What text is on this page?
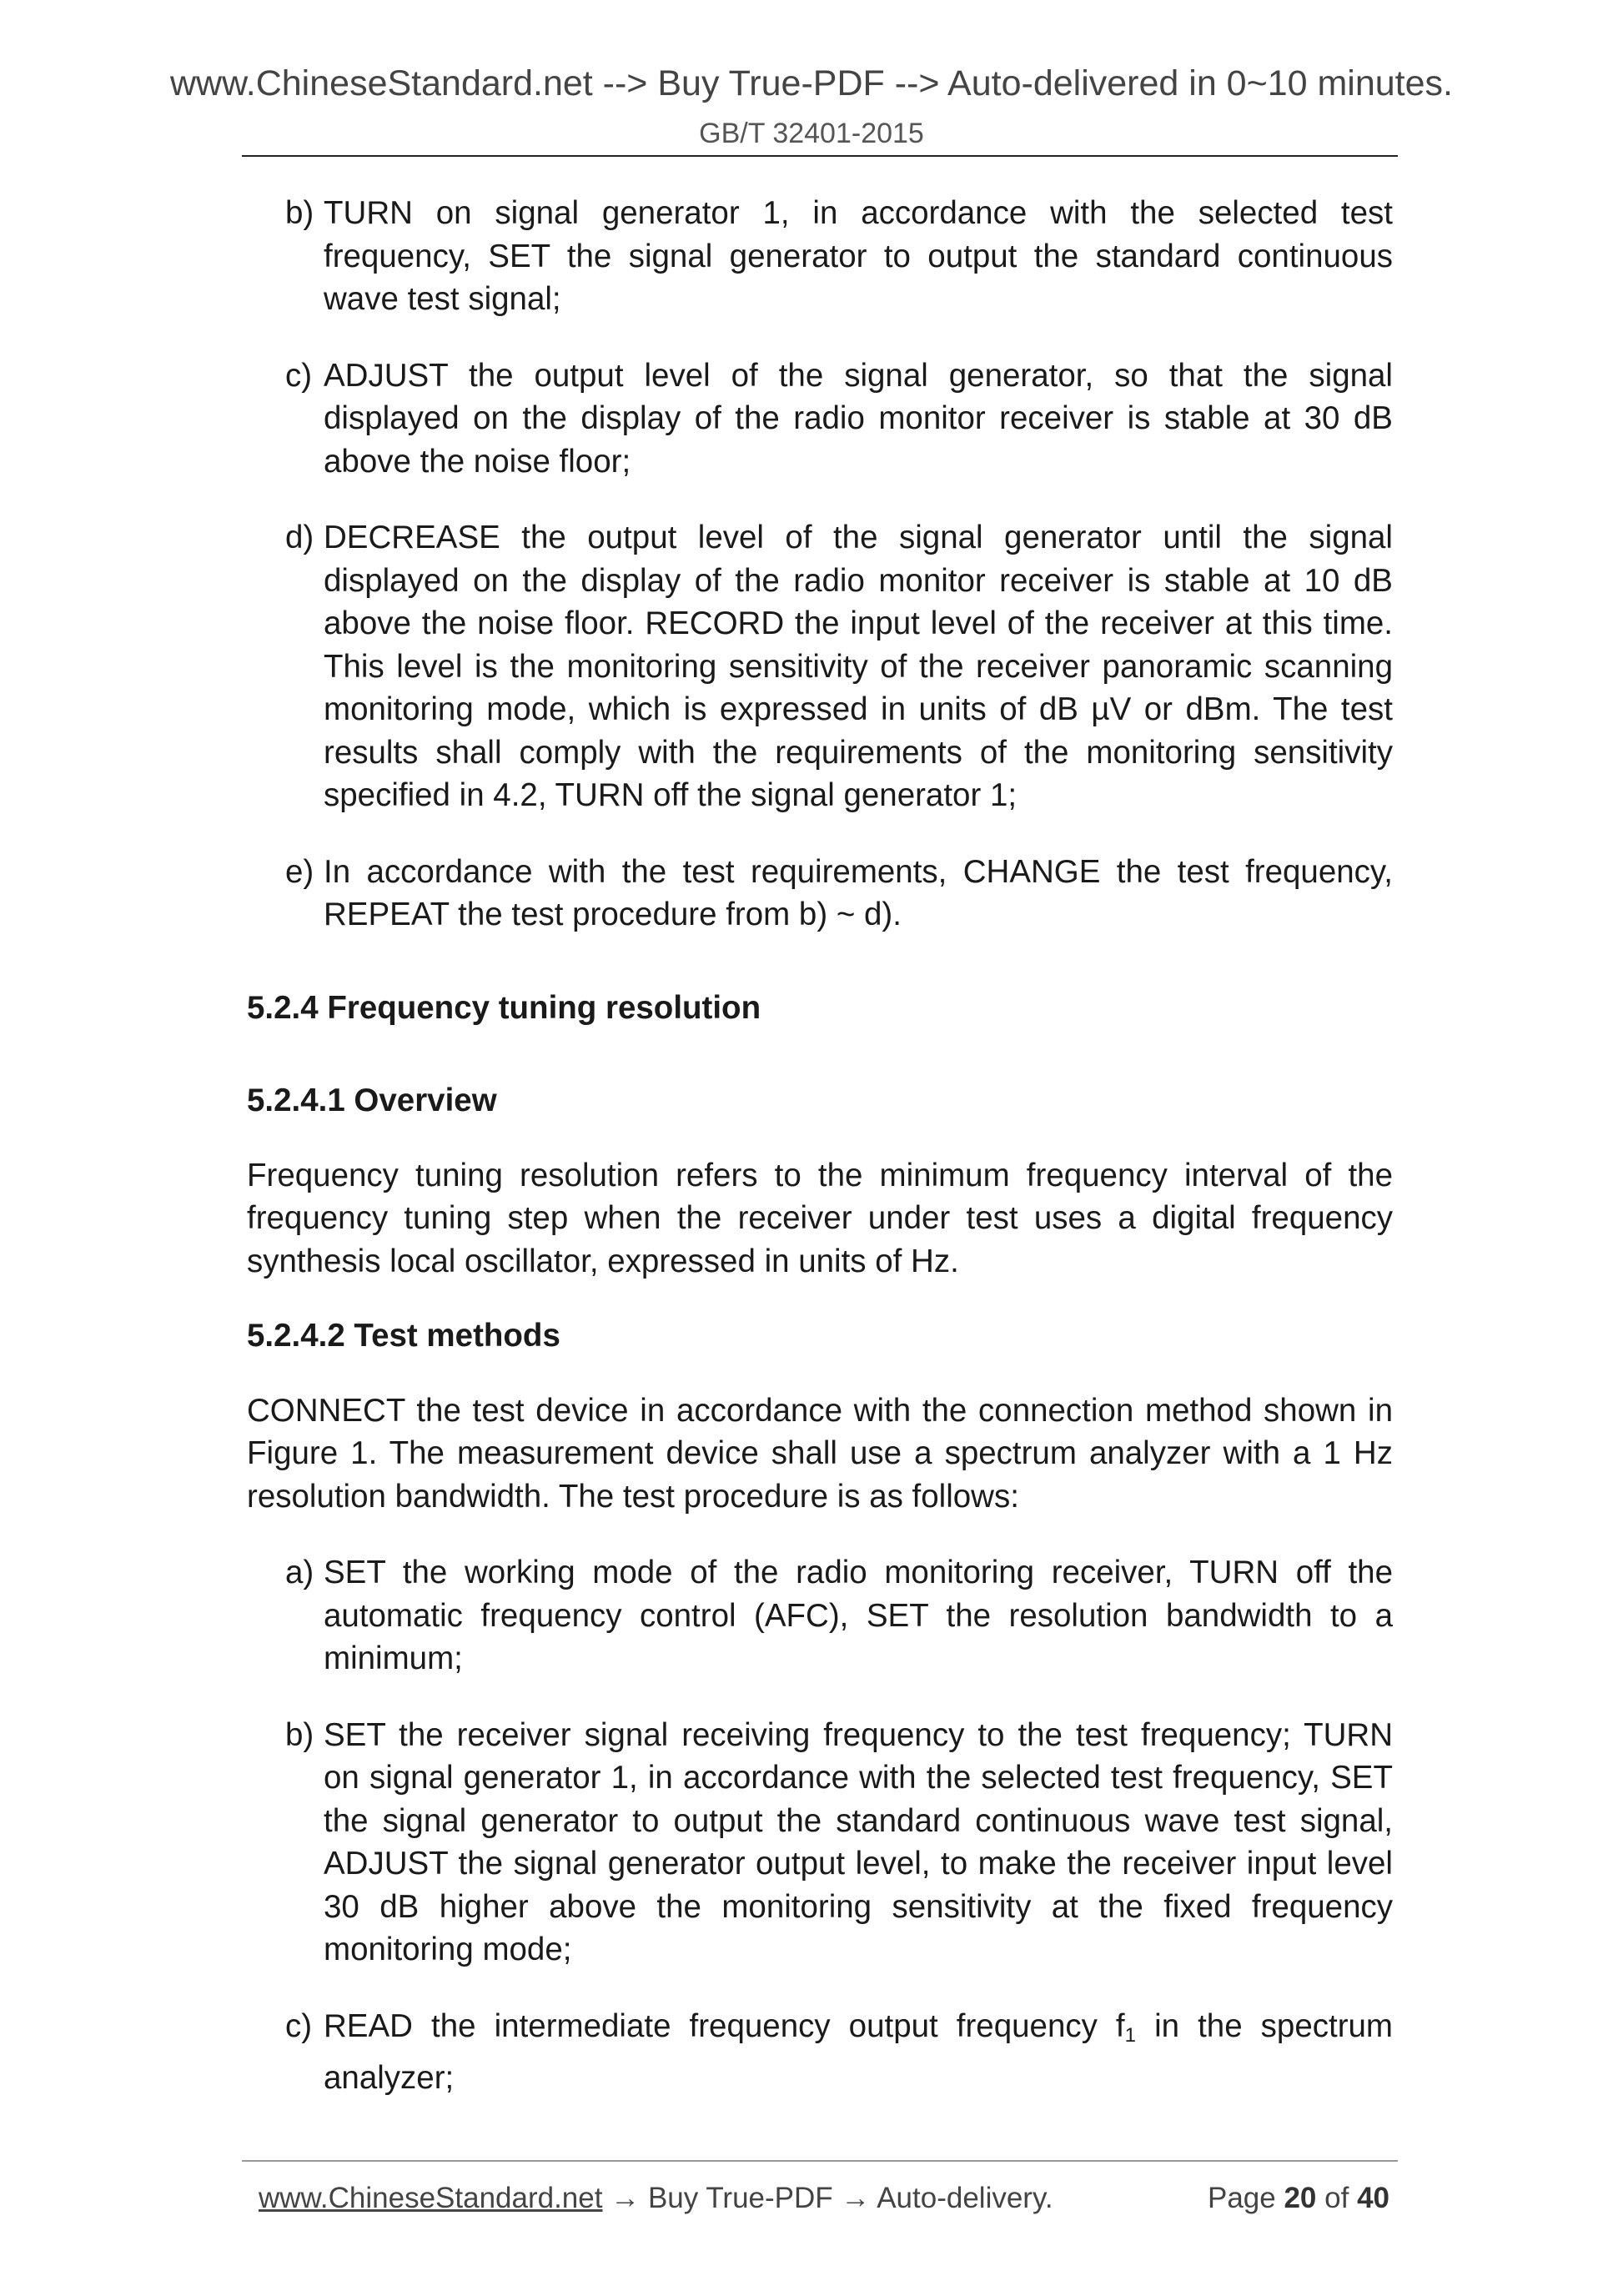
www.ChineseStandard.net --> Buy True-PDF --> Auto-delivered in 0~10 minutes.
GB/T 32401-2015
b) TURN on signal generator 1, in accordance with the selected test frequency, SET the signal generator to output the standard continuous wave test signal;
c) ADJUST the output level of the signal generator, so that the signal displayed on the display of the radio monitor receiver is stable at 30 dB above the noise floor;
d) DECREASE the output level of the signal generator until the signal displayed on the display of the radio monitor receiver is stable at 10 dB above the noise floor. RECORD the input level of the receiver at this time. This level is the monitoring sensitivity of the receiver panoramic scanning monitoring mode, which is expressed in units of dB µV or dBm. The test results shall comply with the requirements of the monitoring sensitivity specified in 4.2, TURN off the signal generator 1;
e) In accordance with the test requirements, CHANGE the test frequency, REPEAT the test procedure from b) ~ d).
5.2.4 Frequency tuning resolution
5.2.4.1 Overview
Frequency tuning resolution refers to the minimum frequency interval of the frequency tuning step when the receiver under test uses a digital frequency synthesis local oscillator, expressed in units of Hz.
5.2.4.2 Test methods
CONNECT the test device in accordance with the connection method shown in Figure 1. The measurement device shall use a spectrum analyzer with a 1 Hz resolution bandwidth. The test procedure is as follows:
a) SET the working mode of the radio monitoring receiver, TURN off the automatic frequency control (AFC), SET the resolution bandwidth to a minimum;
b) SET the receiver signal receiving frequency to the test frequency; TURN on signal generator 1, in accordance with the selected test frequency, SET the signal generator to output the standard continuous wave test signal, ADJUST the signal generator output level, to make the receiver input level 30 dB higher above the monitoring sensitivity at the fixed frequency monitoring mode;
c) READ the intermediate frequency output frequency $f_1$ in the spectrum analyzer;
www.ChineseStandard.net → Buy True-PDF → Auto-delivery.	Page 20 of 40
